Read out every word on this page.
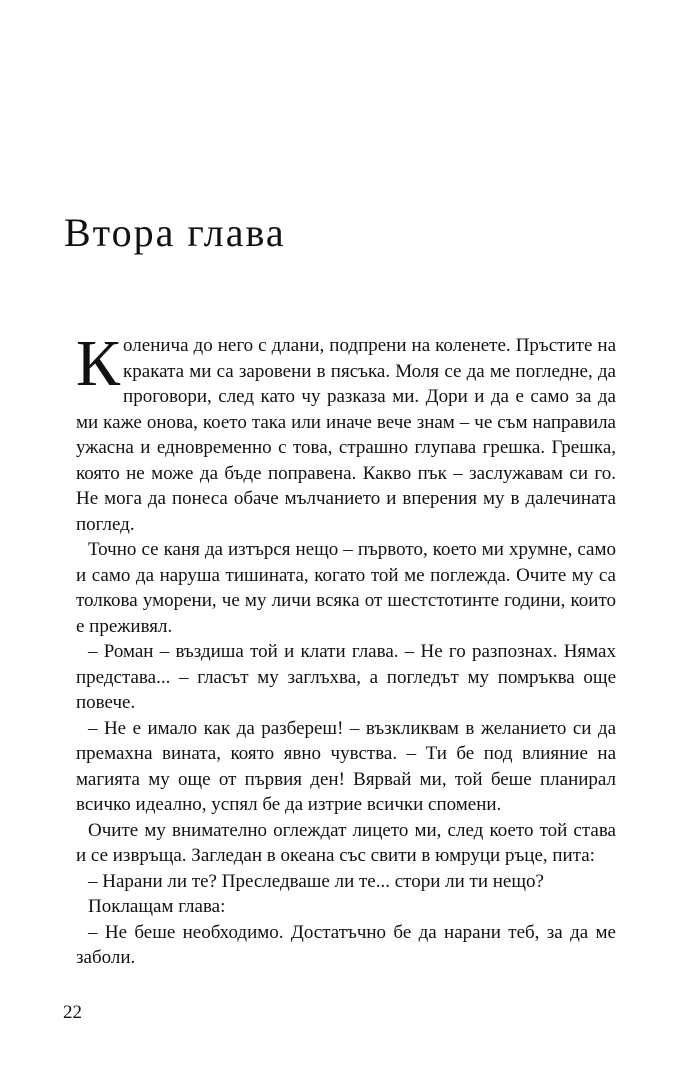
Втора глава

Коленича до него с длани, подпрени на коленете. Пръстите на краката ми са заровени в пясъка. Моля се да ме погледне, да проговори, след като чу разказа ми. Дори и да е само за да ми каже онова, което така или иначе вече знам – че съм направила ужасна и едновременно с това, страшно глупава грешка. Грешка, която не може да бъде поправена. Какво пък – заслужавам си го. Не мога да понеса обаче мълчанието и вперения му в далечината поглед.

Точно се каня да изтърся нещо – първото, което ми хрумне, само и само да наруша тишината, когато той ме поглежда. Очите му са толкова уморени, че му личи всяка от шестстотинте години, които е преживял.

– Роман – въздиша той и клати глава. – Не го разпознах. Нямах представа... – гласът му заглъхва, а погледът му помръква още повече.

– Не е имало как да разбереш! – възкликвам в желанието си да премахна вината, която явно чувства. – Ти бе под влияние на магията му още от първия ден! Вярвай ми, той беше планирал всичко идеално, успял бе да изтрие всички спомени.

Очите му внимателно оглеждат лицето ми, след което той става и се извръща. Загледан в океана със свити в юмруци ръце, пита:

– Нарани ли те? Преследваше ли те... стори ли ти нещо?

Поклащам глава:

– Не беше необходимо. Достатъчно бе да нарани теб, за да ме заболи.

22
